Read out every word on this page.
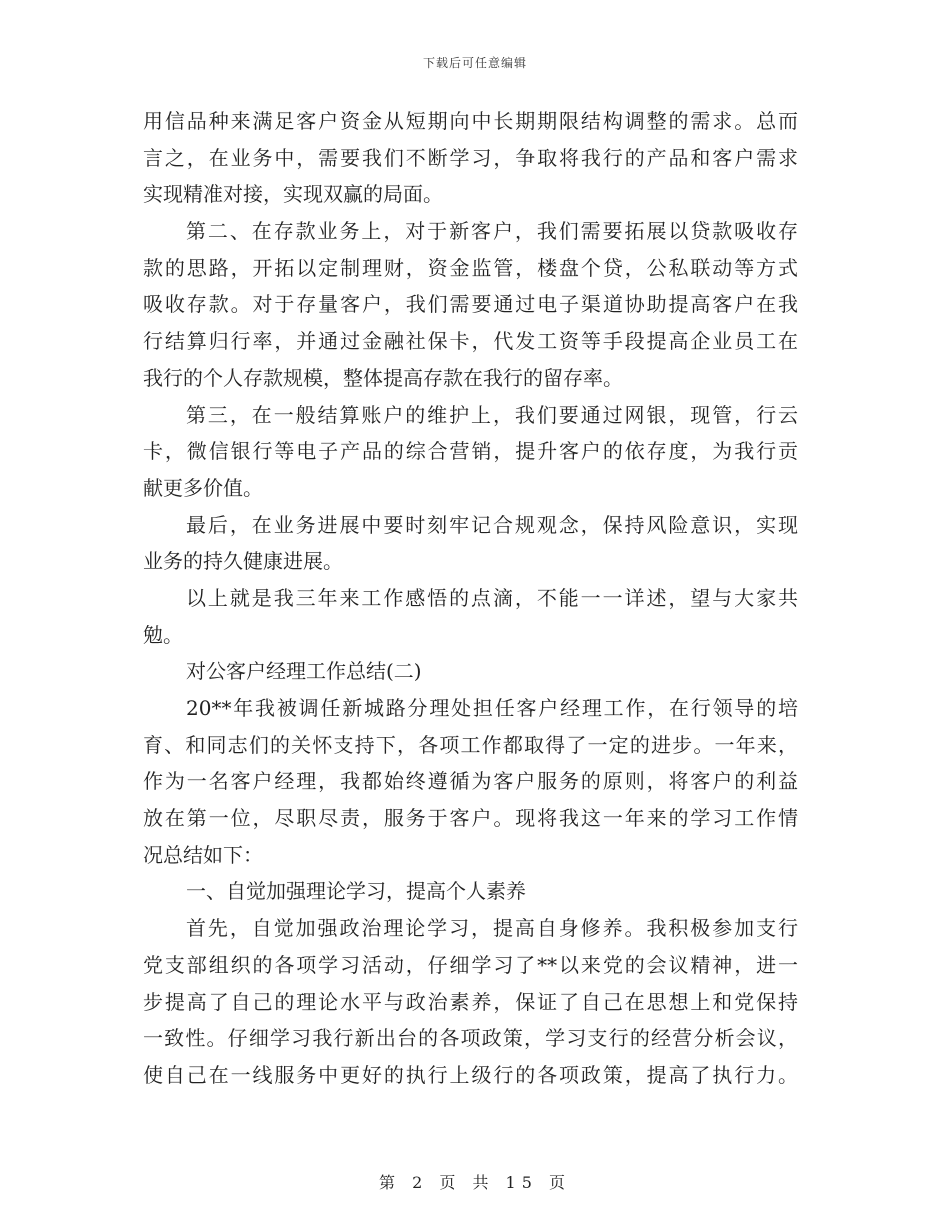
下载后可任意编辑
用信品种来满足客户资金从短期向中长期期限结构调整的需求。总而
言之，在业务中，需要我们不断学习，争取将我行的产品和客户需求
实现精准对接，实现双赢的局面。
第二、在存款业务上，对于新客户，我们需要拓展以贷款吸收存
款的思路，开拓以定制理财，资金监管，楼盘个贷，公私联动等方式
吸收存款。对于存量客户，我们需要通过电子渠道协助提高客户在我
行结算归行率，并通过金融社保卡，代发工资等手段提高企业员工在
我行的个人存款规模，整体提高存款在我行的留存率。
第三，在一般结算账户的维护上，我们要通过网银，现管，行云
卡，微信银行等电子产品的综合营销，提升客户的依存度，为我行贡
献更多价值。
最后，在业务进展中要时刻牢记合规观念，保持风险意识，实现
业务的持久健康进展。
以上就是我三年来工作感悟的点滴，不能一一详述，望与大家共
勉。
对公客户经理工作总结(二)
20**年我被调任新城路分理处担任客户经理工作，在行领导的培
育、和同志们的关怀支持下，各项工作都取得了一定的进步。一年来，
作为一名客户经理，我都始终遵循为客户服务的原则，将客户的利益
放在第一位，尽职尽责，服务于客户。现将我这一年来的学习工作情
况总结如下：
一、自觉加强理论学习，提高个人素养
首先，自觉加强政治理论学习，提高自身修养。我积极参加支行
党支部组织的各项学习活动，仔细学习了**以来党的会议精神，进一
步提高了自己的理论水平与政治素养，保证了自己在思想上和党保持
一致性。仔细学习我行新出台的各项政策，学习支行的经营分析会议，
使自己在一线服务中更好的执行上级行的各项政策，提高了执行力。
第 2 页 共 15 页
